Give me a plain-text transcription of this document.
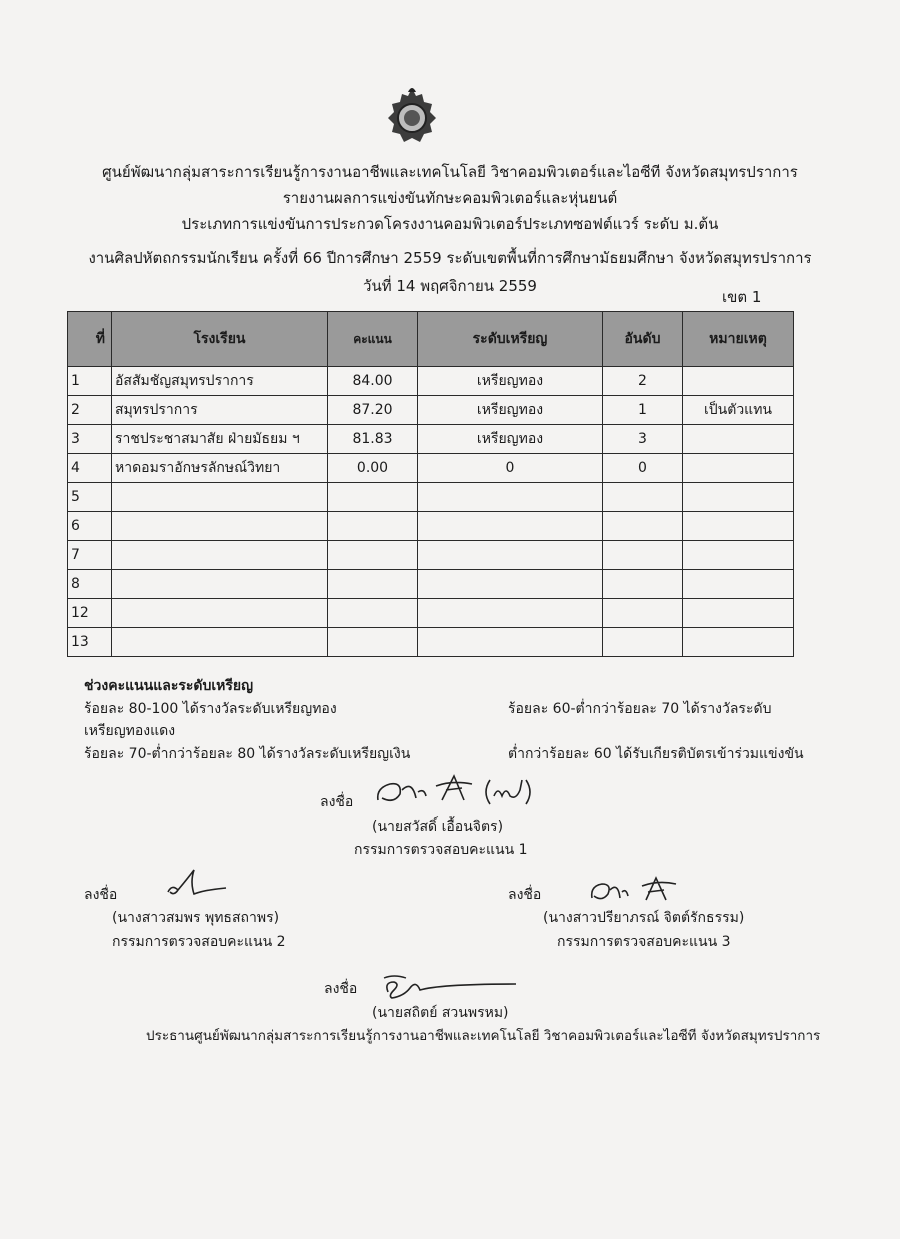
ศูนย์พัฒนากลุ่มสาระการเรียนรู้การงานอาชีพและเทคโนโลยี วิชาคอมพิวเตอร์และไอซีที จังหวัดสมุทรปราการ
รายงานผลการแข่งขันทักษะคอมพิวเตอร์และหุ่นยนต์
ประเภทการแข่งขันการประกวดโครงงานคอมพิวเตอร์ประเภทซอฟต์แวร์ ระดับ ม.ต้น
งานศิลปหัตถกรรมนักเรียน ครั้งที่ 66 ปีการศึกษา 2559 ระดับเขตพื้นที่การศึกษามัธยมศึกษา จังหวัดสมุทรปราการ
วันที่ 14 พฤศจิกายน 2559
เขต 1
ที่	โรงเรียน	คะแนน	ระดับเหรียญ	อันดับ	หมายเหตุ
1	อัสสัมชัญสมุทรปราการ	84.00	เหรียญทอง	2	
2	สมุทรปราการ	87.20	เหรียญทอง	1	เป็นตัวแทน
3	ราชประชาสมาสัย ฝ่ายมัธยม ฯ	81.83	เหรียญทอง	3	
4	หาดอมราอักษรลักษณ์วิทยา	0.00	0	0	
5					
6					
7					
8					
12					
13					
ช่วงคะแนนและระดับเหรียญ
ร้อยละ 80-100 ได้รางวัลระดับเหรียญทอง	ร้อยละ 60-ต่ำกว่าร้อยละ 70 ได้รางวัลระดับ
เหรียญทองแดง
ร้อยละ 70-ต่ำกว่าร้อยละ 80 ได้รางวัลระดับเหรียญเงิน	ต่ำกว่าร้อยละ 60 ได้รับเกียรติบัตรเข้าร่วมแข่งขัน
ลงชื่อ
(นายสวัสดิ์ เอื้อนจิตร)
กรรมการตรวจสอบคะแนน 1
ลงชื่อ
(นางสาวสมพร พุทธสถาพร)
กรรมการตรวจสอบคะแนน 2
ลงชื่อ
(นางสาวปรียาภรณ์ จิตต์รักธรรม)
กรรมการตรวจสอบคะแนน 3
ลงชื่อ
(นายสถิตย์ สวนพรหม)
ประธานศูนย์พัฒนากลุ่มสาระการเรียนรู้การงานอาชีพและเทคโนโลยี วิชาคอมพิวเตอร์และไอซีที จังหวัดสมุทรปราการ
